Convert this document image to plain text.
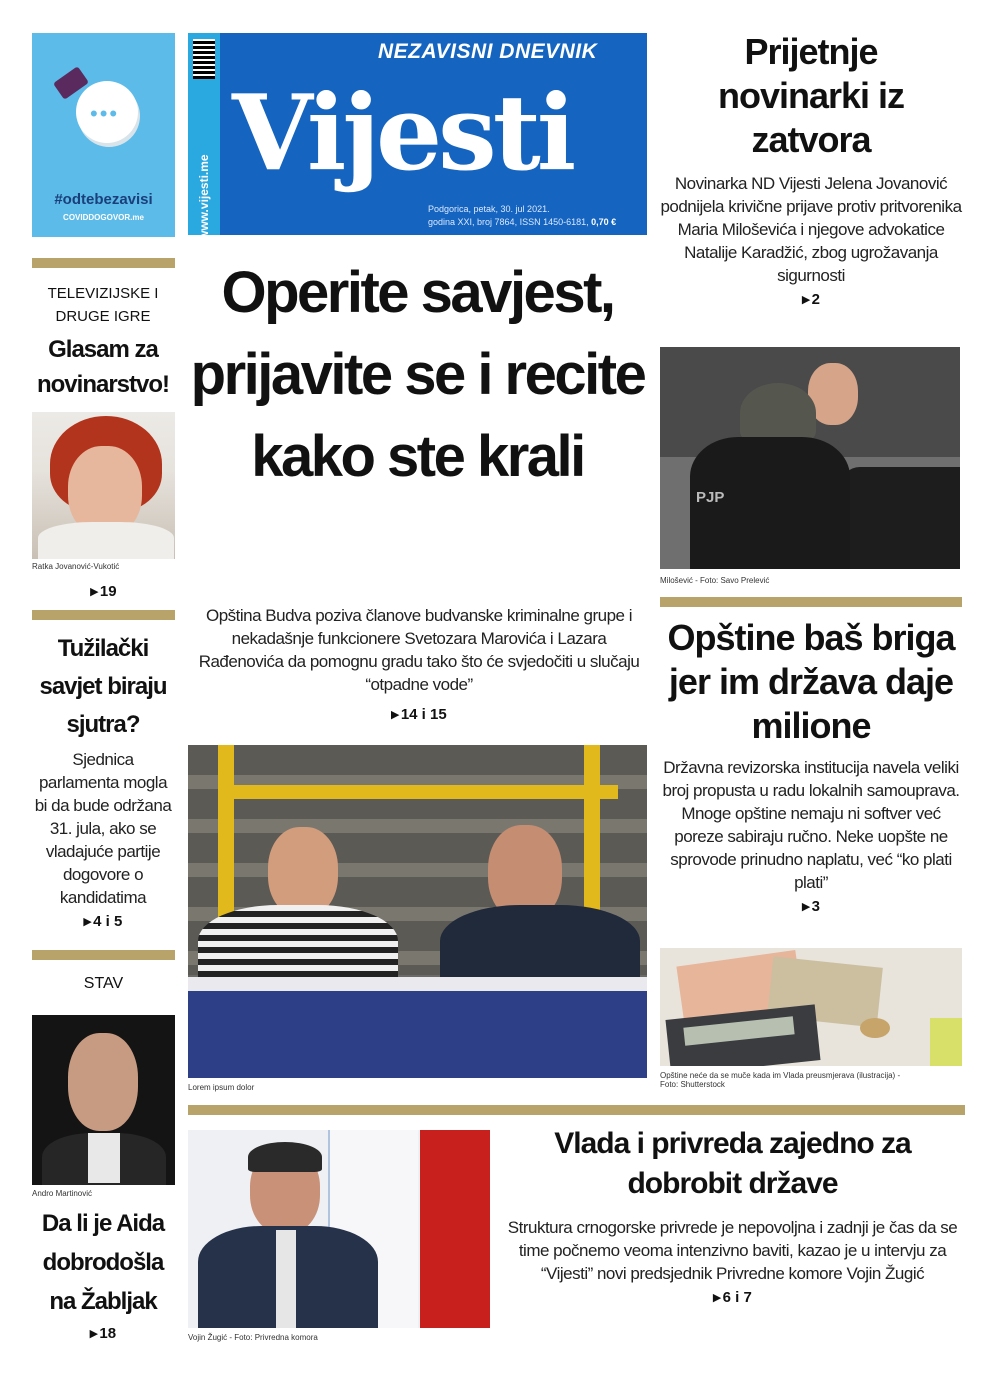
•••
#odtebezavisi
COVIDDOGOVOR.me	www.vijesti.me
NEZAVISNI DNEVNIK
Vijesti
Podgorica, petak, 30. jul 2021.
godina XXI, broj 7864, ISSN 1450-6181, 0,70 €
TELEVIZIJSKE I DRUGE IGRE
Glasam za novinarstvo!
Ratka Jovanović-Vukotić
▸ 19
Tužilački savjet biraju sjutra?
Sjednica parlamenta mogla bi da bude održana 31. jula, ako se vladajuće partije dogovore o kandidatima
▸ 4 i 5
STAV
Andro Martinović
Da li je Aida dobrodošla na Žabljak
▸ 18
Operite savjest, prijavite se i recite kako ste krali
Opština Budva poziva članove budvanske kriminalne grupe i nekadašnje funkcionere Svetozara Marovića i Lazara Rađenovića da pomognu gradu tako što će svjedočiti u slučaju “otpadne vode”
▸ 14 i 15
Lorem ipsum dolor
Prijetnje novinarki iz zatvora
Novinarka ND Vijesti Jelena Jovanović podnijela krivične prijave protiv pritvorenika Maria Miloševića i njegove advokatice Natalije Karadžić, zbog ugrožavanja sigurnosti
▸ 2
PJP
Milošević - Foto: Savo Prelević
Opštine baš briga jer im država daje milione
Državna revizorska institucija navela veliki broj propusta u radu lokalnih samouprava. Mnoge opštine nemaju ni softver već poreze sabiraju ručno. Neke uopšte ne sprovode prinudno naplatu, već “ko plati plati”
▸ 3
Opštine neće da se muče kada im Vlada preusmjerava (ilustracija) - Foto: Shutterstock
Vojin Žugić - Foto: Privredna komora
Vlada i privreda zajedno za dobrobit države
Struktura crnogorske privrede je nepovoljna i zadnji je čas da se time počnemo veoma intenzivno baviti, kazao je u intervju za “Vijesti” novi predsjednik Privredne komore Vojin Žugić
▸ 6 i 7
